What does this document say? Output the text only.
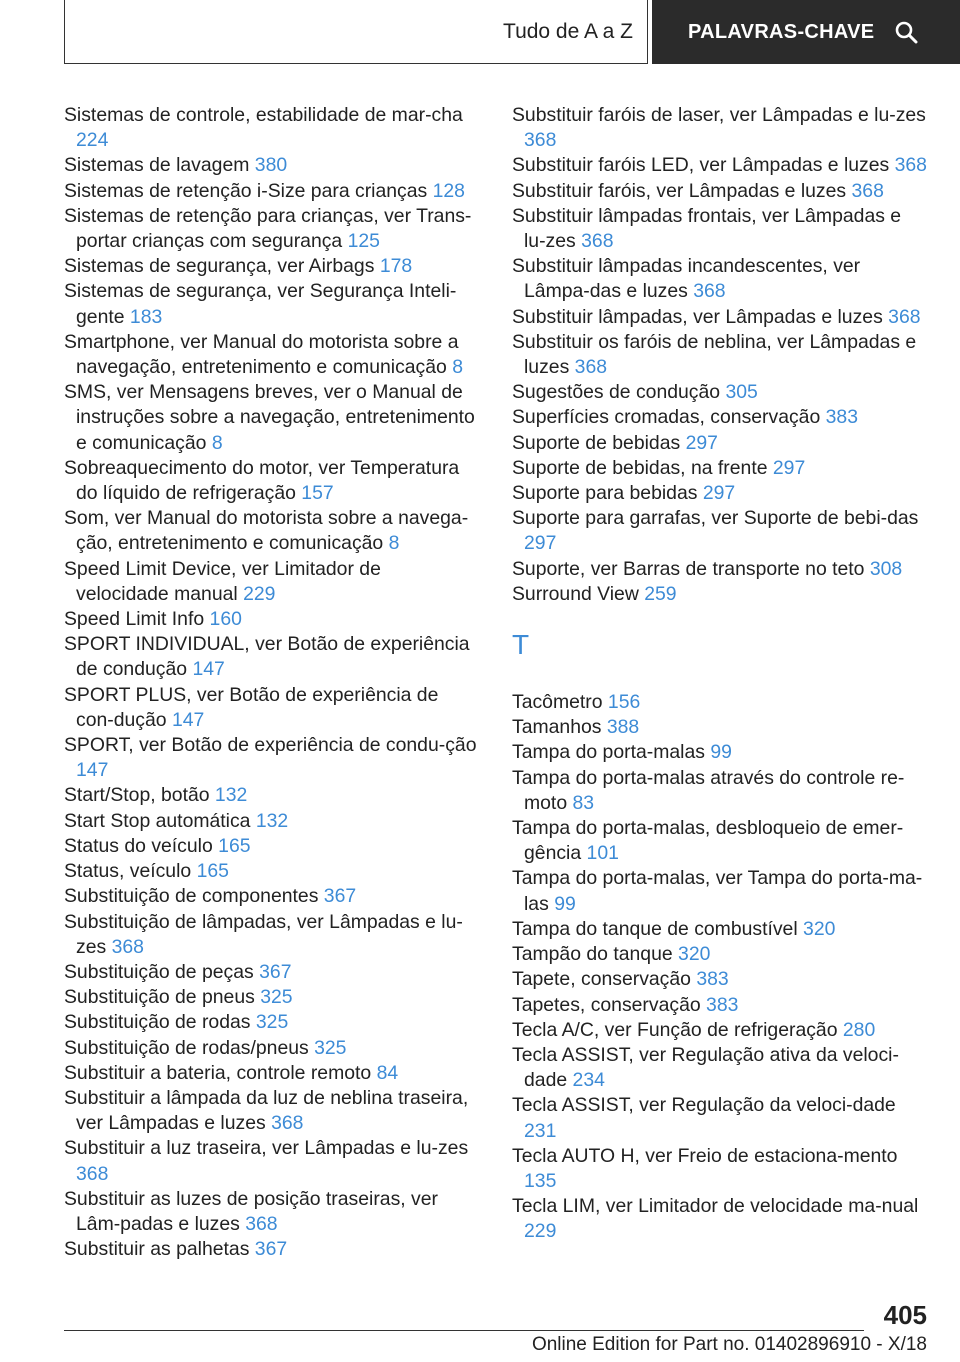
Tudo de A a Z	PALAVRAS-CHAVE
Sistemas de controle, estabilidade de mar-cha 224
Sistemas de lavagem 380
Sistemas de retenção i-Size para crianças 128
Sistemas de retenção para crianças, ver Trans-portar crianças com segurança 125
Sistemas de segurança, ver Airbags 178
Sistemas de segurança, ver Segurança Inteli-gente 183
Smartphone, ver Manual do motorista sobre a navegação, entretenimento e comunicação 8
SMS, ver Mensagens breves, ver o Manual de instruções sobre a navegação, entretenimento e comunicação 8
Sobreaquecimento do motor, ver Temperatura do líquido de refrigeração 157
Som, ver Manual do motorista sobre a navega-ção, entretenimento e comunicação 8
Speed Limit Device, ver Limitador de velocidade manual 229
Speed Limit Info 160
SPORT INDIVIDUAL, ver Botão de experiência de condução 147
SPORT PLUS, ver Botão de experiência de con-dução 147
SPORT, ver Botão de experiência de condu-ção 147
Start/Stop, botão 132
Start Stop automática 132
Status do veículo 165
Status, veículo 165
Substituição de componentes 367
Substituição de lâmpadas, ver Lâmpadas e lu-zes 368
Substituição de peças 367
Substituição de pneus 325
Substituição de rodas 325
Substituição de rodas/pneus 325
Substituir a bateria, controle remoto 84
Substituir a lâmpada da luz de neblina traseira, ver Lâmpadas e luzes 368
Substituir a luz traseira, ver Lâmpadas e lu-zes 368
Substituir as luzes de posição traseiras, ver Lâm-padas e luzes 368
Substituir as palhetas 367
Substituir faróis de laser, ver Lâmpadas e lu-zes 368
Substituir faróis LED, ver Lâmpadas e luzes 368
Substituir faróis, ver Lâmpadas e luzes 368
Substituir lâmpadas frontais, ver Lâmpadas e lu-zes 368
Substituir lâmpadas incandescentes, ver Lâmpa-das e luzes 368
Substituir lâmpadas, ver Lâmpadas e luzes 368
Substituir os faróis de neblina, ver Lâmpadas e luzes 368
Sugestões de condução 305
Superfícies cromadas, conservação 383
Suporte de bebidas 297
Suporte de bebidas, na frente 297
Suporte para bebidas 297
Suporte para garrafas, ver Suporte de bebi-das 297
Suporte, ver Barras de transporte no teto 308
Surround View 259
T
Tacômetro 156
Tamanhos 388
Tampa do porta-malas 99
Tampa do porta-malas através do controle re-moto 83
Tampa do porta-malas, desbloqueio de emer-gência 101
Tampa do porta-malas, ver Tampa do porta-ma-las 99
Tampa do tanque de combustível 320
Tampão do tanque 320
Tapete, conservação 383
Tapetes, conservação 383
Tecla A/C, ver Função de refrigeração 280
Tecla ASSIST, ver Regulação ativa da veloci-dade 234
Tecla ASSIST, ver Regulação da veloci-dade 231
Tecla AUTO H, ver Freio de estaciona-mento 135
Tecla LIM, ver Limitador de velocidade ma-nual 229
405
Online Edition for Part no. 01402896910 - X/18
